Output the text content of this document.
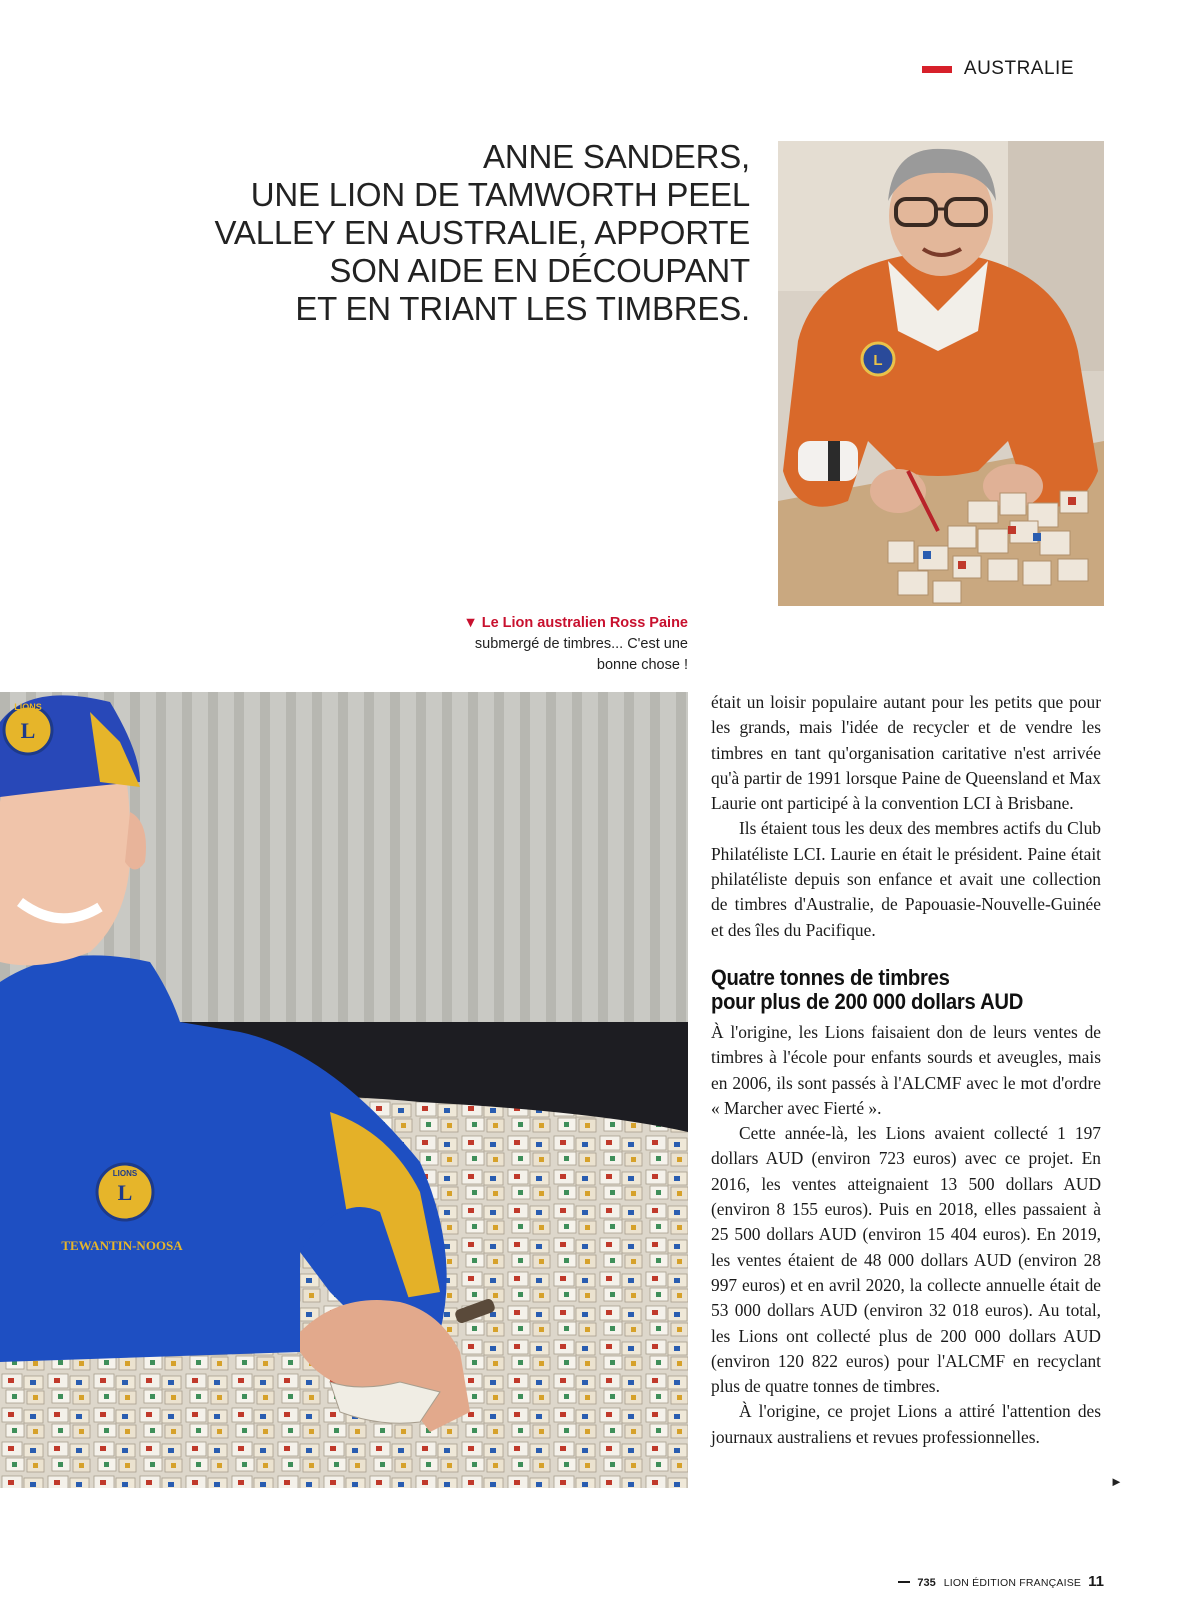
AUSTRALIE
ANNE SANDERS,
UNE LION DE TAMWORTH PEEL
VALLEY EN AUSTRALIE, APPORTE
SON AIDE EN DÉCOUPANT
ET EN TRIANT LES TIMBRES.
L
▼ Le Lion australien Ross Paine submergé de timbres... C'est une bonne chose !
L
LIONS
L
LIONS
TEWANTIN-NOOSA

était un loisir populaire autant pour les petits que pour les grands, mais l'idée de recycler et de vendre les timbres en tant qu'organisation caritative n'est arrivée qu'à partir de 1991 lorsque Paine de Queensland et Max Laurie ont participé à la convention LCI à Brisbane.

Ils étaient tous les deux des membres actifs du Club Philatéliste LCI. Laurie en était le président. Paine était philatéliste depuis son enfance et avait une collection de timbres d'Australie, de Papouasie-Nouvelle-Guinée et des îles du Pacifique.

Quatre tonnes de timbres
pour plus de 200 000 dollars AUD

À l'origine, les Lions faisaient don de leurs ventes de timbres à l'école pour enfants sourds et aveugles, mais en 2006, ils sont passés à l'ALCMF avec le mot d'ordre « Marcher avec Fierté ».

Cette année-là, les Lions avaient collecté 1 197 dollars AUD (environ 723 euros) avec ce projet. En 2016, les ventes atteignaient 13 500 dollars AUD (environ 8 155 euros). Puis en 2018, elles passaient à 25 500 dollars AUD (environ 15 404 euros). En 2019, les ventes étaient de 48 000 dollars AUD (environ 28 997 euros) et en avril 2020, la collecte annuelle était de 53 000 dollars AUD (environ 32 018 euros). Au total, les Lions ont collecté plus de 200 000 dollars AUD (environ 120 822 euros) pour l'ALCMF en recyclant plus de quatre tonnes de timbres.

À l'origine, ce projet Lions a attiré l'attention des journaux australiens et revues professionnelles.

►
735 LION ÉDITION FRANÇAISE 11
